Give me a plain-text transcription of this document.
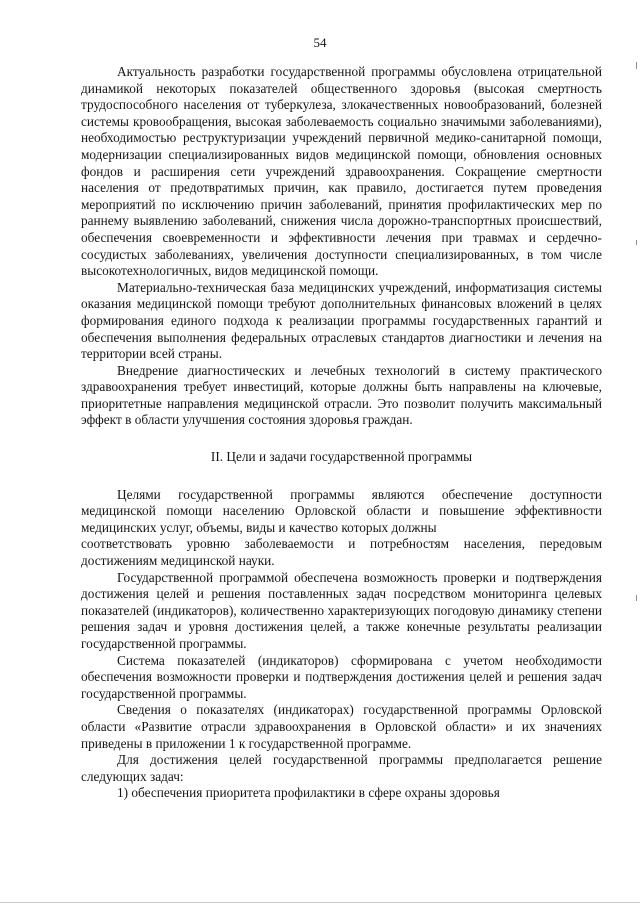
54

Актуальность разработки государственной программы обусловлена отрицательной динамикой некоторых показателей общественного здоровья (высокая смертность трудоспособного населения от туберкулеза, злокачественных новообразований, болезней системы кровообращения, высокая заболеваемость социально значимыми заболеваниями), необходимостью реструктуризации учреждений первичной медико-санитарной помощи, модернизации специализированных видов медицинской помощи, обновления основных фондов и расширения сети учреждений здравоохранения. Сокращение смертности населения от предотвратимых причин, как правило, достигается путем проведения мероприятий по исключению причин заболеваний, принятия профилактических мер по раннему выявлению заболеваний, снижения числа дорожно-транспортных происшествий, обеспечения своевременности и эффективности лечения при травмах и сердечно-сосудистых заболеваниях, увеличения доступности специализированных, в том числе высокотехнологичных, видов медицинской помощи.

Материально-техническая база медицинских учреждений, информатизация системы оказания медицинской помощи требуют дополнительных финансовых вложений в целях формирования единого подхода к реализации программы государственных гарантий и обеспечения выполнения федеральных отраслевых стандартов диагностики и лечения на территории всей страны.

Внедрение диагностических и лечебных технологий в систему практического здравоохранения требует инвестиций, которые должны быть направлены на ключевые, приоритетные направления медицинской отрасли. Это позволит получить максимальный эффект в области улучшения состояния здоровья граждан.

II. Цели и задачи государственной программы

Целями государственной программы являются обеспечение доступности медицинской помощи населению Орловской области и повышение эффективности медицинских услуг, объемы, виды и качество которых должны

соответствовать уровню заболеваемости и потребностям населения, передовым достижениям медицинской науки.

Государственной программой обеспечена возможность проверки и подтверждения достижения целей и решения поставленных задач посредством мониторинга целевых показателей (индикаторов), количественно характеризующих погодовую динамику степени решения задач и уровня достижения целей, а также конечные результаты реализации государственной программы.

Система показателей (индикаторов) сформирована с учетом необходимости обеспечения возможности проверки и подтверждения достижения целей и решения задач государственной программы.

Сведения о показателях (индикаторах) государственной программы Орловской области «Развитие отрасли здравоохранения в Орловской области» и их значениях приведены в приложении 1 к государственной программе.

Для достижения целей государственной программы предполагается решение следующих задач:

1) обеспечения приоритета профилактики в сфере охраны здоровья
